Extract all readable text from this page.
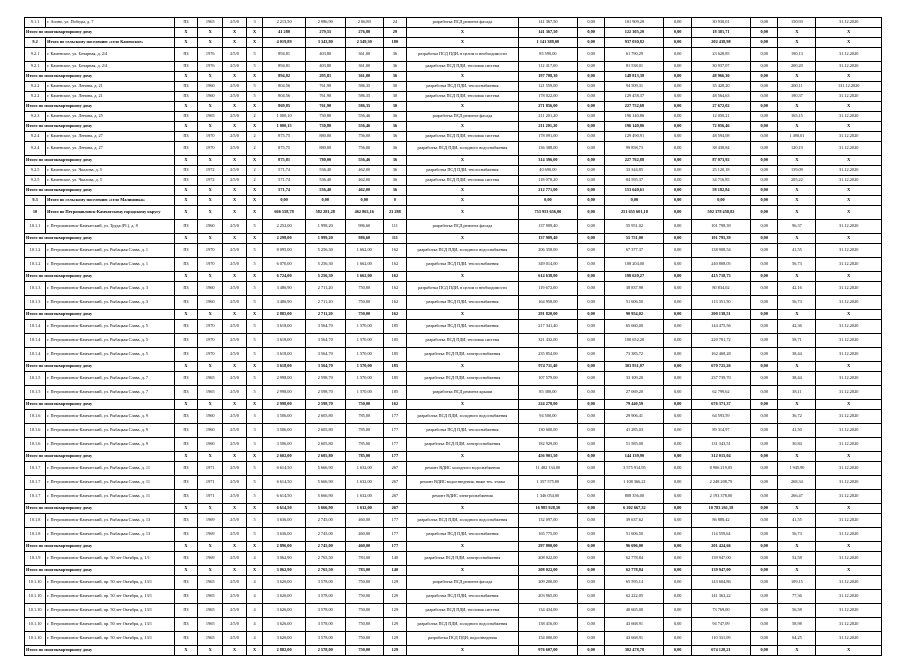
9.1.1	г. Асино, ул. Победы, д. 7	ПЗ	1965	2/5/0	3	2 213,50	2 986,90	2 06,80	24	разработка ПСД ремонта фасада	141 367,50	0,00	101 909,20	0,00	30 930,01	0,00	150,93	31.12.2020
Итого по многоквартирному дому		X	X	X	X	41 280	279,55	276,80	29	X	141 367,50	0,00	122 305,20	0,00	18 381,71	0,00	X	X
9.2	Итого по сельскому поселению «село Каменское»	X	X	X	X	4 019,89	3 343,80	2 549,30	180	X	1 141 388,00	0,00	937 030,82	0,00	202 438,98	0,00	X	X
9.2.1	г. Каменское, ул. Бочарная, д. 2/4	ПЗ	1976	2/5/0	5	894,81	403,80	361,00	36	разработка ПСД ПДИ, в целом и необходимости	85 590,00	0,00	61 790,29	0,00	23 628,85	0,00	190,13	31.12.2020
9.2.1	г. Каменское, ул. Бочарная, д. 2/4	ПЗ	1976	2/5/0	5	894,81	403,80	361,00	36	разработка ПСД ПДИ, тепловая система	112 417,00	0,00	81 538,01	0,00	30 937,07	0,00	200,20	31.12.2020
Итого по многоквартирному дому		X	X	X	X	894,82	295,81	361,00	36	X	197 788,30	0,00	148 813,38	0,00	48 966,30	0,00	X	X
9.2.2	г. Каменское, ул. Ленина, д. 21	ПЗ	1960	2/5/0	5	804,56	761,90	586,35	30	разработка ПСД ПДИ, теплоснабжения	121 559,00	0,00	94 509,31	0,00	35 428,20	0,00	200,11	131.12.2020
9.2.2	г. Каменское, ул. Ленина, д. 21	ПЗ	1960	2/5/0	5	804,56	761,90	586,35	30	разработка ПСД ПДИ, тепловая система	178 022,00	0,00	129 458,37	0,00	48 564,63	0,00	190,37	31.12.2020
Итого по многоквартирному дому		X	X	X	X	869,85	761,90	586,35	30	X	271 856,00	0,00	227 752,68	0,00	27 672,02	0,00	X	X
9.2.3	г. Каменское, ул. Ленина, д. 25	ПЗ	1965	2/5/0	2	1 000,10	730,80	556,46	36	разработка ПСД ремонта фасада	211 201,20	0,00	196 140,86	0,00	12 050,21	0,00	165,15	31.12.2020
Итого по многоквартирному дому		X	X	X	X	1 000,15	730,80	556,46	36	X	211 201,20	0,00	196 140,86	0,00	72 056,46	0,00	X	X
9.2.4	г. Каменское, ул. Ленина, д. 27	ПЗ	1970	2/5/0	2	875,75	880,00	756,00	36	разработка ПСД ПДИ, тепловая система	178 091,00	0,00	129 490,91	0,00	48 594,08	0,00	1 490,01	31.12.2020
9.2.4	г. Каменское, ул. Ленина, д. 27	ПЗ	1970	2/5/0	2	875,75	880,00	756,00	36	разработка ПСД ПДИ, холодного водоснабжения	136 388,00	0,00	99 858,73	0,00	38 438,84	0,00	120,19	31.12.2020
Итого по многоквартирному дому		X	X	X	X	875,81	780,00	556,46	36	X	314 396,00	0,00	227 762,88	0,00	87 073,92	0,00	X	X
9.2.5	г. Каменское, ул. Чкалова, д. 5	ПЗ	1972	2/5/0	2	571,74	536,40	462,00	36	разработка ПСД ПДИ, теплоснабжения	40 690,00	0,00	33 344,85	0,00	25 120,18	0,00	139,09	31.12.2020
9.2.5	г. Каменское, ул. Чкалова, д. 5	ПЗ	1972	2/5/0	2	571,74	536,40	462,00	36	разработка ПСД ПДИ, тепловая система	118 078,20	0,00	84 595,37	0,00	34 716,85	0,00	205,22	31.12.2020
Итого по многоквартирному дому		X	X	X	X	571,74	536,40	462,00	36	X	212 771,00	0,00	153 640,61	0,00	58 182,84	0,00	X	X
9.3	Итого по сельскому поселению «село Малиновка»	X	X	X	X	0,00	0,00	0,00	0	X	0,00	0,00	0,00	0,00	0,00	0,00	X	X
10	Итого по Петропавловск-Камчатскому городскому округу	X	X	X	X	666 558,78	582 281,28	462 863,16	23 288	X	753 953 656,00	0,00	251 655 601,18	0,00	502 378 458,82	0,00	X	X
10.1.1	г. Петропавловск-Камчатский, ул. Труда (Pl.), д. 8	ПЗ	1960	2/5/0	5	2 252,00	1 998,20	986,60	111	разработка ПСД ремонта фасада	137 909,40	0,00	55 951,02	0,00	101 798,39	0,00	96,37	31.12.2020
Итого по многоквартирному дому		X	X	X	X	2 298,00	1 999,20	986,60	111	X	137 909,40	0,00	55 751,00	0,00	101 795,39	0,00	X	X
10.1.2	г. Петропавловск-Камчатский, ул. Рыбацкая Слава, д. 1	ПЗ	1970	2/5/0	5	8 095,00	5 256,30	1 662,00	162	разработка ПСД ПДИ, холодного водоснабжения	206 358,00	0,00	67 377,37	0,00	138 908,54	0,00	41,55	31.12.2020
10.1.2	г. Петропавловск-Камчатский, ул. Рыбацкая Слава, д. 1	ПЗ	1970	2/5/0	5	6 070,00	5 256,30	1 662,00	162	разработка ПСД ПДИ, теплоснабжения	349 014,00	0,00	108 204,00	0,00	240 808,05	0,00	56,73	31.12.2020
Итого по многоквартирному дому		X	X	X	X	6 724,00	5 256,30	1 662,00	162	X	614 638,00	0,00	198 620,27	0,00	415 718,73	0,00	X	X
10.1.3	г. Петропавловск-Камчатский, ул. Рыбацкая Слава, д. 3	ПЗ	1960	2/5/0	5	3 486,90	2 711,20	750,00	162	разработка ПСД ПДИ, в целом и необходимости	119 672,00	0,00	38 837,98	0,00	80 834,02	0,00	42,16	31.12.2020
10.1.3	г. Петропавловск-Камчатский, ул. Рыбацкая Слава, д. 3	ПЗ	1960	2/5/0	5	3 486,90	2 711,20	750,00	162	разработка ПСД ПДИ, теплоснабжения	164 958,00	0,00	51 606,50	0,00	113 351,50	0,00	56,73	31.12.2020
Итого по многоквартирному дому		X	X	X	X	2 885,00	2 711,20	750,00	162	X	291 820,00	0,00	90 954,02	0,00	200 138,51	0,00	X	X
10.1.4	г. Петропавловск-Камчатский, ул. Рыбацкая Слава, д. 5	ПЗ	1970	2/5/0	5	3 618,00	3 564,70	1 570,00	185	разработка ПСД ПДИ, теплоснабжения	217 341,40	0,00	65 660,00	0,00	144 475,56	0,00	42,36	31.12.2020
10.1.4	г. Петропавловск-Камчатский, ул. Рыбацкая Слава, д. 5	ПЗ	1970	2/5/0	5	3 618,00	3 564,70	1 570,00	185	разработка ПСД ПДИ, тепловая система	321 432,00	0,00	100 652,28	0,00	220 781,72	0,00	58,71	31.12.2020
10.1.4	г. Петропавловск-Камчатский, ул. Рыбацкая Слава, д. 5	ПЗ	1970	2/5/0	5	3 618,00	3 564,70	1 570,00	185	разработка ПСД ПДИ, электроснабжения	235 854,00	0,00	73 385,72	0,00	162 468,28	0,00	38,44	31.12.2020
Итого по многоквартирному дому		X	X	X	X	3 618,00	3 564,70	1 570,00	185	X	974 711,40	0,00	303 931,07	0,00	670 725,26	0,00	X	X
10.1.5	г. Петропавловск-Камчатский, ул. Рыбацкая Слава, д. 7	ПЗ	1965	2/5/0	5	2 998,00	2 598,70	1 570,00	185	разработка ПСД ПДИ, электроснабжения	107 579,00	0,00	33 109,20	0,00	237 739,70	0,00	38,44	31.12.2020
10.1.5	г. Петропавловск-Камчатский, ул. Рыбацкая Слава, д. 7	ПЗ	1965	2/5/0	5	2 998,00	2 598,70	1 570,00	185	разработка ПСД ремонта крыши	85 380,00	0,00	27 069,20	0,00	62 799,62	0,00	38,11	31.12.2020
Итого по многоквартирному дому		X	X	X	X	2 998,00	2 598,70	750,00	162	X	224 278,00	0,00	79 440,59	0,00	676 371,37	0,00	X	X
10.1.6	г. Петропавловск-Камчатский, ул. Рыбацкая Слава, д. 9	ПЗ	1960	2/5/0	3	3 506,00	2 605,80	785,00	177	разработка ПСД ПДИ, холодного водоснабжения	94 500,00	0,00	29 906,41	0,00	64 593,59	0,00	36,72	31.12.2020
10.1.6	г. Петропавловск-Камчатский, ул. Рыбацкая Слава, д. 9	ПЗ	1960	2/5/0	3	3 506,00	2 605,80	785,00	177	разработка ПСД ПДИ, теплоснабжения	130 600,00	0,00	41 285,03	0,00	89 314,97	0,00	41,50	31.12.2020
10.1.6	г. Петропавловск-Камчатский, ул. Рыбацкая Слава, д. 9	ПЗ	1960	2/5/0	3	3 506,00	2 605,80	785,00	177	разработка ПСД ПДИ, электроснабжения	182 929,00	0,00	51 585,00	0,00	131 343,51	0,00	30,84	31.12.2020
Итого по многоквартирному дому		X	X	X	X	2 602,00	2 605,80	785,00	177	X	456 901,50	0,00	144 139,90	0,00	312 015,04	0,00	X	X
10.1.7	г. Петропавловск-Камчатский, ул. Рыбацкая Слава, д. 11	ПЗ	1971	2/5/0	5	6 614,50	5 666,90	1 632,00	267	ремонт ВДИС холодного водоснабжения	11 482 134,00	0,00	3 575 914,95	0,00	8 906 219,05	0,00	1 945,90	31.12.2020
10.1.7	г. Петропавловск-Камчатский, ул. Рыбацкая Слава, д. 11	ПЗ	1971	2/5/0	5	6 614,50	5 666,90	1 632,00	267	ремонт ВДИС водоотведения, ниже тех. этажа	1 357 575,00	0,00	1 108 366,21	0,00	2 248 208,79	0,00	268,34	31.12.2020
10.1.7	г. Петропавловск-Камчатский, ул. Рыбацкая Слава, д. 11	ПЗ	1971	2/5/0	5	6 614,50	5 666,90	1 632,00	267	ремонт ВДИС электроснабжения	1 346 054,00	0,00	808 356,00	0,00	2 193 378,00	0,00	266,47	31.12.2020
Итого по многоквартирному дому		X	X	X	X	6 614,50	5 666,90	1 632,00	267	X	16 985 928,50	0,00	6 202 667,32	0,00	10 783 261,18	0,00	X	X
10.1.8	г. Петропавловск-Камчатский, ул. Рыбацкая Слава, д. 13	ПЗ	1969	2/5/0	5	3 636,00	2 745,00	460,00	177	разработка ПСД ПДИ, холодного водоснабжения	132 097,00	0,00	39 637,62	0,00	86 888,42	0,00	41,55	31.12.2020
10.1.8	г. Петропавловск-Камчатский, ул. Рыбацкая Слава, д. 13	ПЗ	1969	2/5/0	5	3 636,00	2 745,00	460,00	177	разработка ПСД ПДИ, теплоснабжения	165 775,00	0,00	51 606,50	0,00	114 559,64	0,00	56,73	31.12.2020
Итого по многоквартирному дому		X	X	X	X	2 896,00	2 745,00	460,00	177	X	297 800,00	0,00	96 696,00	0,00	201 424,66	0,00	X	X
10.1.9	г. Петропавловск-Камчатский, пр. 50 лет Октября, д. 1/1	ПЗ	1969	2/5/0	4	3 062,90	2 765,50	783,00	140	разработка ПСД ПДИ, электроснабжения	208 022,00	0,00	62 778,84	0,00	139 947,00	0,00	52,58	31.12.2020
Итого по многоквартирному дому		X	X	X	X	3 062,90	2 765,50	783,00	140	X	208 022,00	0,00	62 778,84	0,00	139 947,00	0,00	X	X
10.1.10	г. Петропавловск-Камчатский, пр. 50 лет Октября, д. 13/1	ПЗ	1965	2/5/0	4	3 626,00	3 578,00	750,00	129	разработка ПСД ремонта фасада	209 200,00	0,00	65 595,14	0,00	143 604,86	0,00	109,15	31.12.2020
10.1.10	г. Петропавловск-Камчатский, пр. 50 лет Октября, д. 13/1	ПЗ	1965	2/5/0	4	3 626,00	3 578,00	750,00	129	разработка ПСД ПДИ, теплоснабжения	203 965,00	0,00	62 222,05	0,00	141 363,22	0,00	77,36	31.12.2020
10.1.10	г. Петропавловск-Камчатский, пр. 50 лет Октября, д. 13/1	ПЗ	1965	2/5/0	4	3 626,00	3 578,00	750,00	129	разработка ПСД ПДИ, тепловая система	134 434,00	0,00	40 665,00	0,00	73 769,00	0,00	56,58	31.12.2020
10.1.10	г. Петропавловск-Камчатский, пр. 50 лет Октября, д. 13/1	ПЗ	1965	2/5/0	4	3 626,00	3 578,00	750,00	129	разработка ПСД ПДИ, холодного водоснабжения	138 416,00	0,00	43 668,91	0,00	94 747,09	0,00	58,98	31.12.2020
10.1.10	г. Петропавловск-Камчатский, пр. 50 лет Октября, д. 13/1	ПЗ	1965	2/5/0	4	3 626,00	3 578,00	750,00	129	разработка ПСД ПДИ, водоотведения	154 000,00	0,00	43 668,91	0,00	110 331,09	0,00	64,25	31.12.2020
Итого по многоквартирному дому		X	X	X	X	2 882,00	2 578,00	750,00	129	X	976 607,00	0,00	302 478,78	0,00	674 128,21	0,00	X	X
